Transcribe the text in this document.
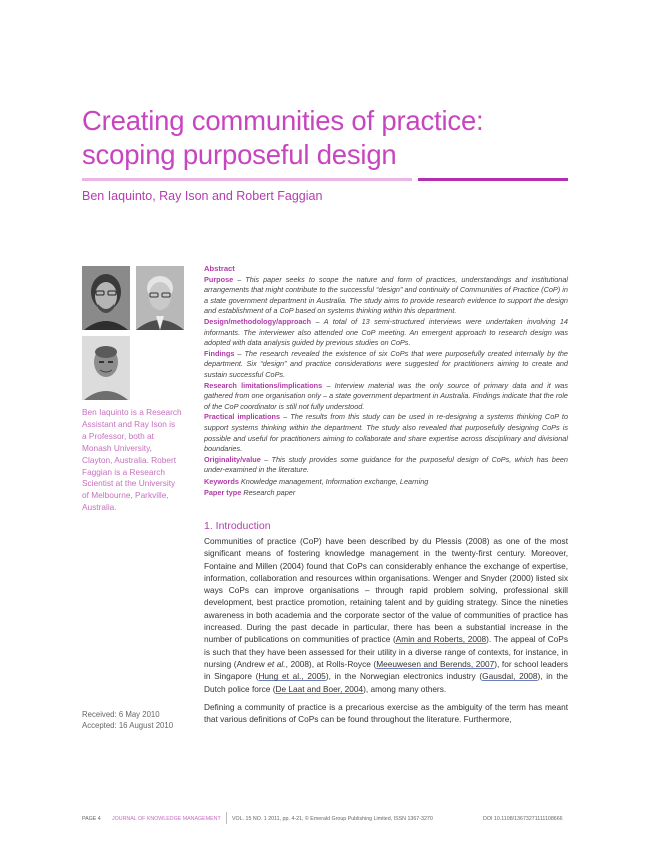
Creating communities of practice:
scoping purposeful design
Ben Iaquinto, Ray Ison and Robert Faggian
Ben Iaquinto is a Research Assistant and Ray Ison is a Professor, both at Monash University, Clayton, Australia. Robert Faggian is a Research Scientist at the University of Melbourne, Parkville, Australia.
Received: 6 May 2010
Accepted: 16 August 2010
Abstract

Purpose – This paper seeks to scope the nature and form of practices, understandings and institutional arrangements that might contribute to the successful “design” and continuity of Communities of Practice (CoP) in a state government department in Australia. The study aims to provide research evidence to support the design and establishment of a CoP based on systems thinking within this department.

Design/methodology/approach – A total of 13 semi-structured interviews were undertaken involving 14 informants. The interviewer also attended one CoP meeting. An emergent approach to research design was adopted with data analysis guided by previous studies on CoPs.

Findings – The research revealed the existence of six CoPs that were purposefully created internally by the department. Six “design” and practice considerations were suggested for practitioners aiming to create and sustain successful CoPs.

Research limitations/implications – Interview material was the only source of primary data and it was gathered from one organisation only – a state government department in Australia. Findings indicate that the role of the CoP coordinator is still not fully understood.

Practical implications – The results from this study can be used in re-designing a systems thinking CoP to support systems thinking within the department. The study also revealed that purposefully designing CoPs is possible and useful for practitioners aiming to collaborate and share expertise across disciplinary and divisional boundaries.

Originality/value – This study provides some guidance for the purposeful design of CoPs, which has been under-examined in the literature.

Keywords Knowledge management, Information exchange, Learning

Paper type Research paper

1. Introduction

Communities of practice (CoP) have been described by du Plessis (2008) as one of the most significant means of fostering knowledge management in the twenty-first century. Moreover, Fontaine and Millen (2004) found that CoPs can considerably enhance the exchange of expertise, information, collaboration and resources within organisations. Wenger and Snyder (2000) listed six ways CoPs can improve organisations – through rapid problem solving, professional skill development, best practice promotion, retaining talent and by guiding strategy. Since the nineties awareness in both academia and the corporate sector of the value of communities of practice has increased. During the past decade in particular, there has been a substantial increase in the number of publications on communities of practice (Amin and Roberts, 2008). The appeal of CoPs is such that they have been assessed for their utility in a diverse range of contexts, for instance, in nursing (Andrew et al., 2008), at Rolls-Royce (Meeuwesen and Berends, 2007), for school leaders in Singapore (Hung et al., 2005), in the Norwegian electronics industry (Gausdal, 2008), in the Dutch police force (De Laat and Boer, 2004), among many others.

Defining a community of practice is a precarious exercise as the ambiguity of the term has meant that various definitions of CoPs can be found throughout the literature. Furthermore,

PAGE 4 JOURNAL OF KNOWLEDGE MANAGEMENT VOL. 15 NO. 1 2011, pp. 4-21, © Emerald Group Publishing Limited, ISSN 1367-3270	DOI 10.1108/13673271111108666
